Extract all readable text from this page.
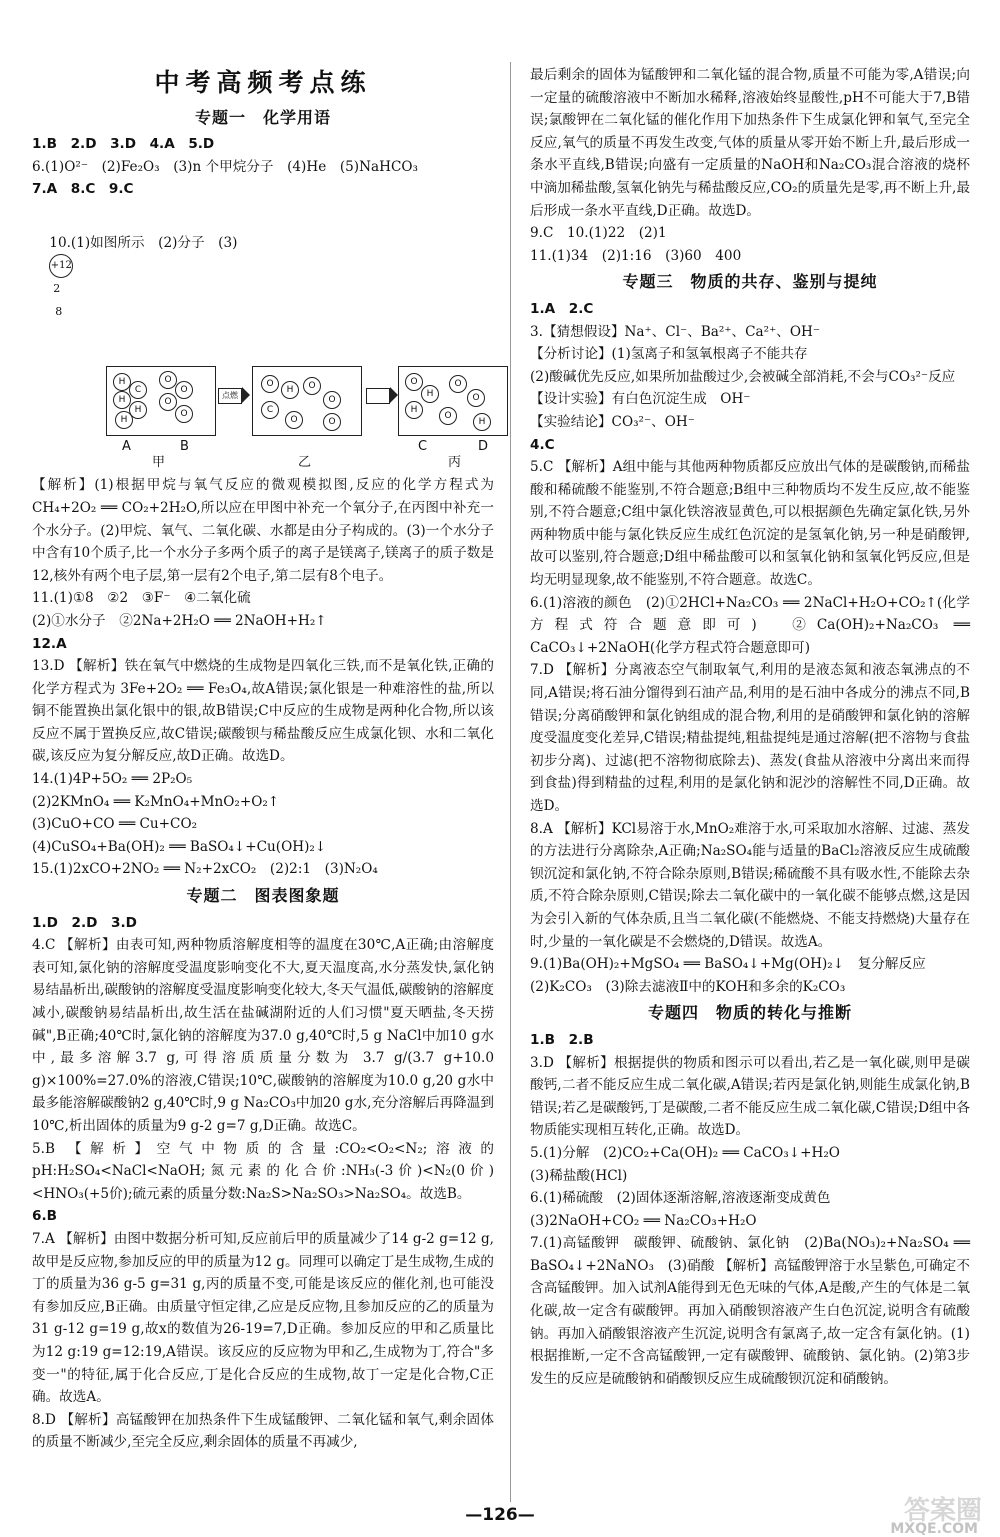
中考高频考点练
专题一　化学用语

1.B　2.D　3.D　4.A　5.D

6.(1)O²⁻　(2)Fe₂O₃　(3)n 个甲烷分子　(4)He　(5)NaHCO₃

7.A　8.C　9.C

10.(1)如图所示　(2)分子　(3)
+12
2
8

H
C
H
H
H
O
O
O
O
点燃
O
H
C
O
O
O	O
O
H
H
O
O
O
H
A	B	C	D
甲	乙	丙

【解析】(1)根据甲烷与氧气反应的微观模拟图,反应的化学方程式为 CH₄+2O₂ ══ CO₂+2H₂O,所以应在甲图中补充一个氧分子,在丙图中补充一个水分子。(2)甲烷、氧气、二氧化碳、水都是由分子构成的。(3)一个水分子中含有10个质子,比一个水分子多两个质子的离子是镁离子,镁离子的质子数是12,核外有两个电子层,第一层有2个电子,第二层有8个电子。

11.(1)①8　②2　③F⁻　④二氧化硫

(2)①水分子　②2Na+2H₂O ══ 2NaOH+H₂↑

12.A

13.D 【解析】铁在氧气中燃烧的生成物是四氧化三铁,而不是氧化铁,正确的化学方程式为 3Fe+2O₂ ══ Fe₃O₄,故A错误;氯化银是一种难溶性的盐,所以铜不能置换出氯化银中的银,故B错误;C中反应的生成物是两种化合物,所以该反应不属于置换反应,故C错误;碳酸钡与稀盐酸反应生成氯化钡、水和二氧化碳,该反应为复分解反应,故D正确。故选D。

14.(1)4P+5O₂ ══ 2P₂O₅

(2)2KMnO₄ ══ K₂MnO₄+MnO₂+O₂↑

(3)CuO+CO ══ Cu+CO₂

(4)CuSO₄+Ba(OH)₂ ══ BaSO₄↓+Cu(OH)₂↓

15.(1)2xCO+2NO₂ ══ N₂+2xCO₂　(2)2:1　(3)N₂O₄

专题二　图表图象题

1.D　2.D　3.D

4.C 【解析】由表可知,两种物质溶解度相等的温度在30℃,A正确;由溶解度表可知,氯化钠的溶解度受温度影响变化不大,夏天温度高,水分蒸发快,氯化钠易结晶析出,碳酸钠的溶解度受温度影响变化较大,冬天气温低,碳酸钠的溶解度减小,碳酸钠易结晶析出,故生活在盐碱湖附近的人们习惯"夏天晒盐,冬天捞碱",B正确;40℃时,氯化钠的溶解度为37.0 g,40℃时,5 g NaCl中加10 g水中,最多溶解3.7 g,可得溶质质量分数为 3.7 g/(3.7 g+10.0 g)×100%=27.0%的溶液,C错误;10℃,碳酸钠的溶解度为10.0 g,20 g水中最多能溶解碳酸钠2 g,40℃时,9 g Na₂CO₃中加20 g水,充分溶解后再降温到10℃,析出固体的质量为9 g-2 g=7 g,D正确。故选C。

5.B 【解析】空气中物质的含量:CO₂<O₂<N₂;溶液的pH:H₂SO₄<NaCl<NaOH;氮元素的化合价:NH₃(-3价)<N₂(0价)<HNO₃(+5价);硫元素的质量分数:Na₂S>Na₂SO₃>Na₂SO₄。故选B。

6.B

7.A 【解析】由图中数据分析可知,反应前后甲的质量减少了14 g-2 g=12 g,故甲是反应物,参加反应的甲的质量为12 g。同理可以确定丁是生成物,生成的丁的质量为36 g-5 g=31 g,丙的质量不变,可能是该反应的催化剂,也可能没有参加反应,B正确。由质量守恒定律,乙应是反应物,且参加反应的乙的质量为31 g-12 g=19 g,故x的数值为26-19=7,D正确。参加反应的甲和乙质量比为12 g:19 g=12:19,A错误。该反应的反应物为甲和乙,生成物为丁,符合"多变一"的特征,属于化合反应,丁是化合反应的生成物,故丁一定是化合物,C正确。故选A。

8.D 【解析】高锰酸钾在加热条件下生成锰酸钾、二氧化锰和氧气,剩余固体的质量不断减少,至完全反应,剩余固体的质量不再减少,

最后剩余的固体为锰酸钾和二氧化锰的混合物,质量不可能为零,A错误;向一定量的硫酸溶液中不断加水稀释,溶液始终显酸性,pH不可能大于7,B错误;氯酸钾在二氧化锰的催化作用下加热条件下生成氯化钾和氧气,至完全反应,氧气的质量不再发生改变,气体的质量从零开始不断上升,最后形成一条水平直线,B错误;向盛有一定质量的NaOH和Na₂CO₃混合溶液的烧杯中滴加稀盐酸,氢氧化钠先与稀盐酸反应,CO₂的质量先是零,再不断上升,最后形成一条水平直线,D正确。故选D。

9.C　10.(1)22　(2)1

11.(1)34　(2)1:16　(3)60　400

专题三　物质的共存、鉴别与提纯

1.A　2.C

3.【猜想假设】Na⁺、Cl⁻、Ba²⁺、Ca²⁺、OH⁻

【分析讨论】(1)氢离子和氢氧根离子不能共存

(2)酸碱优先反应,如果所加盐酸过少,会被碱全部消耗,不会与CO₃²⁻反应

【设计实验】有白色沉淀生成　OH⁻

【实验结论】CO₃²⁻、OH⁻

4.C

5.C 【解析】A组中能与其他两种物质都反应放出气体的是碳酸钠,而稀盐酸和稀硫酸不能鉴别,不符合题意;B组中三种物质均不发生反应,故不能鉴别,不符合题意;C组中氯化铁溶液显黄色,可以根据颜色先确定氯化铁,另外两种物质中能与氯化铁反应生成红色沉淀的是氢氧化钠,另一种是硝酸钾,故可以鉴别,符合题意;D组中稀盐酸可以和氢氧化钠和氢氧化钙反应,但是均无明显现象,故不能鉴别,不符合题意。故选C。

6.(1)溶液的颜色　(2)①2HCl+Na₂CO₃ ══ 2NaCl+H₂O+CO₂↑(化学方程式符合题意即可)　②Ca(OH)₂+Na₂CO₃ ══ CaCO₃↓+2NaOH(化学方程式符合题意即可)

7.D 【解析】分离液态空气制取氧气,利用的是液态氮和液态氧沸点的不同,A错误;将石油分馏得到石油产品,利用的是石油中各成分的沸点不同,B错误;分离硝酸钾和氯化钠组成的混合物,利用的是硝酸钾和氯化钠的溶解度受温度变化差异,C错误;精盐提纯,粗盐提纯是通过溶解(把不溶物与食盐初步分离)、过滤(把不溶物彻底除去)、蒸发(食盐从溶液中分离出来而得到食盐)得到精盐的过程,利用的是氯化钠和泥沙的溶解性不同,D正确。故选D。

8.A 【解析】KCl易溶于水,MnO₂难溶于水,可采取加水溶解、过滤、蒸发的方法进行分离除杂,A正确;Na₂SO₄能与适量的BaCl₂溶液反应生成硫酸钡沉淀和氯化钠,不符合除杂原则,B错误;稀硫酸不具有吸水性,不能除去杂质,不符合除杂原则,C错误;除去二氧化碳中的一氧化碳不能够点燃,这是因为会引入新的气体杂质,且当二氧化碳(不能燃烧、不能支持燃烧)大量存在时,少量的一氧化碳是不会燃烧的,D错误。故选A。

9.(1)Ba(OH)₂+MgSO₄ ══ BaSO₄↓+Mg(OH)₂↓　复分解反应

(2)K₂CO₃　(3)除去滤液Ⅱ中的KOH和多余的K₂CO₃

专题四　物质的转化与推断

1.B　2.B

3.D 【解析】根据提供的物质和图示可以看出,若乙是一氧化碳,则甲是碳酸钙,二者不能反应生成二氧化碳,A错误;若丙是氯化钠,则能生成氯化钠,B错误;若乙是碳酸钙,丁是碳酸,二者不能反应生成二氧化碳,C错误;D组中各物质能实现相互转化,正确。故选D。

5.(1)分解　(2)CO₂+Ca(OH)₂ ══ CaCO₃↓+H₂O

(3)稀盐酸(HCl)

6.(1)稀硫酸　(2)固体逐渐溶解,溶液逐渐变成黄色

(3)2NaOH+CO₂ ══ Na₂CO₃+H₂O

7.(1)高锰酸钾　碳酸钾、硫酸钠、氯化钠　(2)Ba(NO₃)₂+Na₂SO₄ ══ BaSO₄↓+2NaNO₃　(3)硝酸 【解析】高锰酸钾溶于水呈紫色,可确定不含高锰酸钾。加入试剂A能得到无色无味的气体,A是酸,产生的气体是二氧化碳,故一定含有碳酸钾。再加入硝酸钡溶液产生白色沉淀,说明含有硫酸钠。再加入硝酸银溶液产生沉淀,说明含有氯离子,故一定含有氯化钠。(1)根据推断,一定不含高锰酸钾,一定有碳酸钾、硫酸钠、氯化钠。(2)第3步发生的反应是硫酸钠和硝酸钡反应生成硫酸钡沉淀和硝酸钠。

—126—	答案圈
MXQE.COM
